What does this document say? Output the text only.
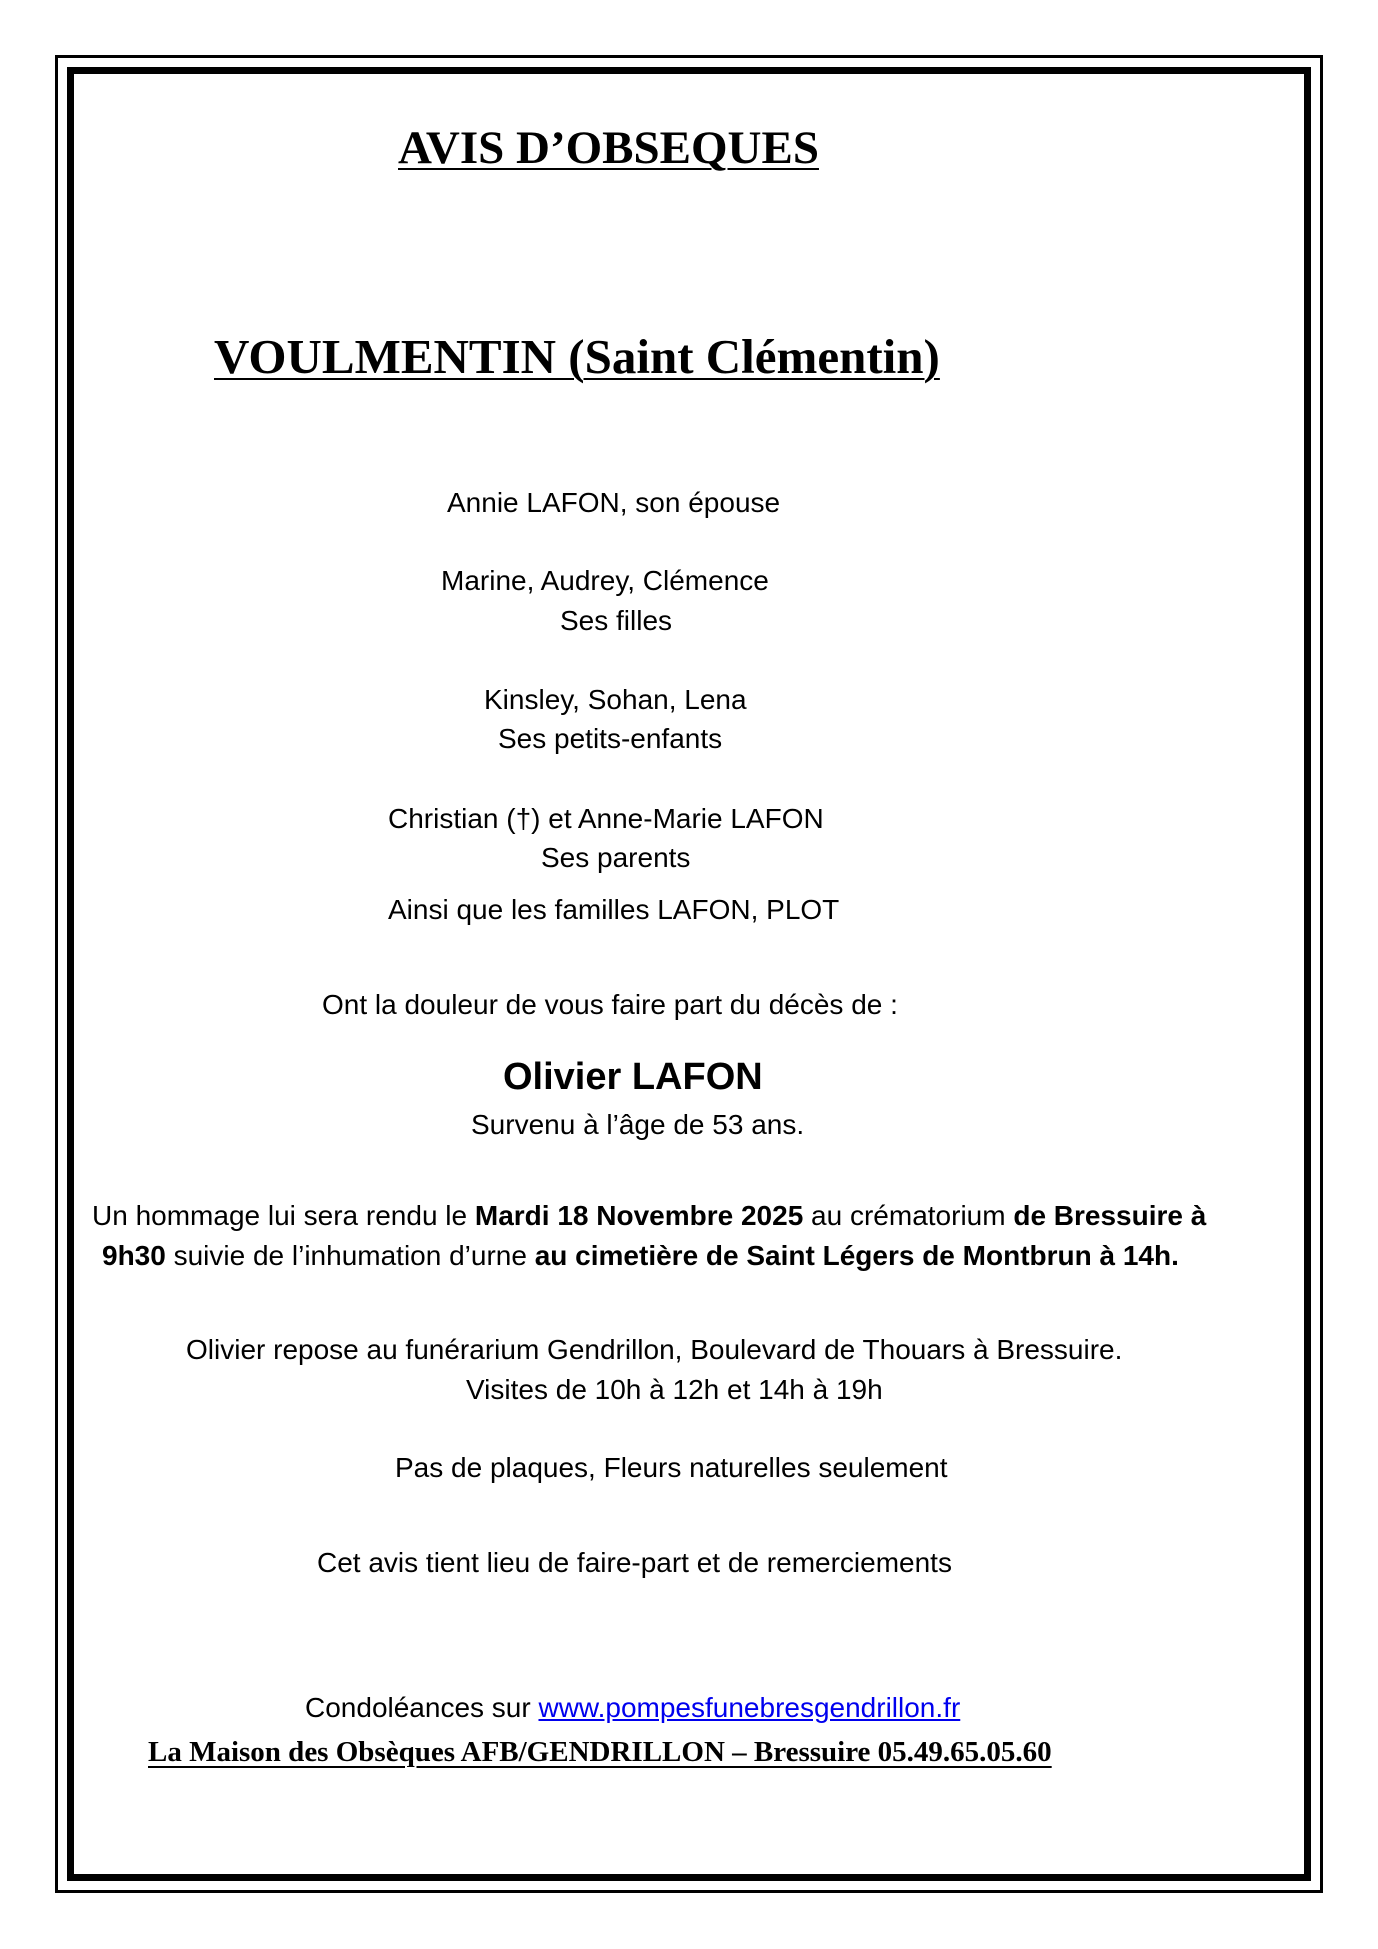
AVIS D’OBSEQUES
VOULMENTIN (Saint Clémentin)
Annie LAFON, son épouse
Marine, Audrey, Clémence
Ses filles
Kinsley, Sohan, Lena
Ses petits-enfants
Christian (†) et Anne-Marie LAFON
Ses parents
Ainsi que les familles LAFON, PLOT
Ont la douleur de vous faire part du décès de :
Olivier LAFON
Survenu à l’âge de 53 ans.
Un hommage lui sera rendu le Mardi 18 Novembre 2025 au crématorium de Bressuire à
9h30 suivie de l’inhumation d’urne au cimetière de Saint Légers de Montbrun à 14h.
Olivier repose au funérarium Gendrillon, Boulevard de Thouars à Bressuire.
Visites de 10h à 12h et 14h à 19h
Pas de plaques, Fleurs naturelles seulement
Cet avis tient lieu de faire-part et de remerciements
Condoléances sur www.pompesfunebresgendrillon.fr
La Maison des Obsèques AFB/GENDRILLON – Bressuire 05.49.65.05.60
